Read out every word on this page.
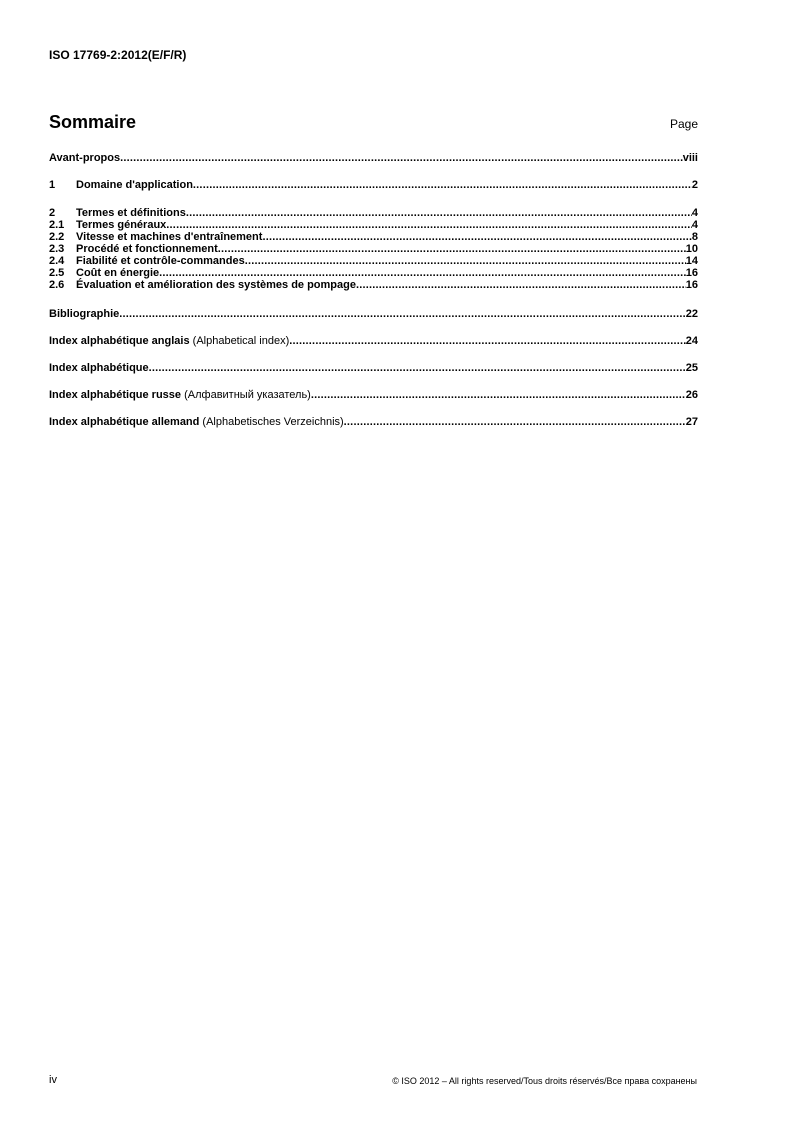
ISO 17769-2:2012(E/F/R)
Sommaire	Page
Avant-propos .....	viii
1	Domaine d'application .....	2
2	Termes et définitions .....	4
2.1	Termes généraux .....	4
2.2	Vitesse et machines d'entraînement .....	8
2.3	Procédé et fonctionnement .....	10
2.4	Fiabilité et contrôle-commandes .....	14
2.5	Coût en énergie .....	16
2.6	Évaluation et amélioration des systèmes de pompage .....	16
Bibliographie .....	22
Index alphabétique anglais (Alphabetical index) .....	24
Index alphabétique .....	25
Index alphabétique russe (Алфавитный указатель) .....	26
Index alphabétique allemand (Alphabetisches Verzeichnis) .....	27
iv	© ISO 2012 – All rights reserved/Tous droits réservés/Все права сохранены
